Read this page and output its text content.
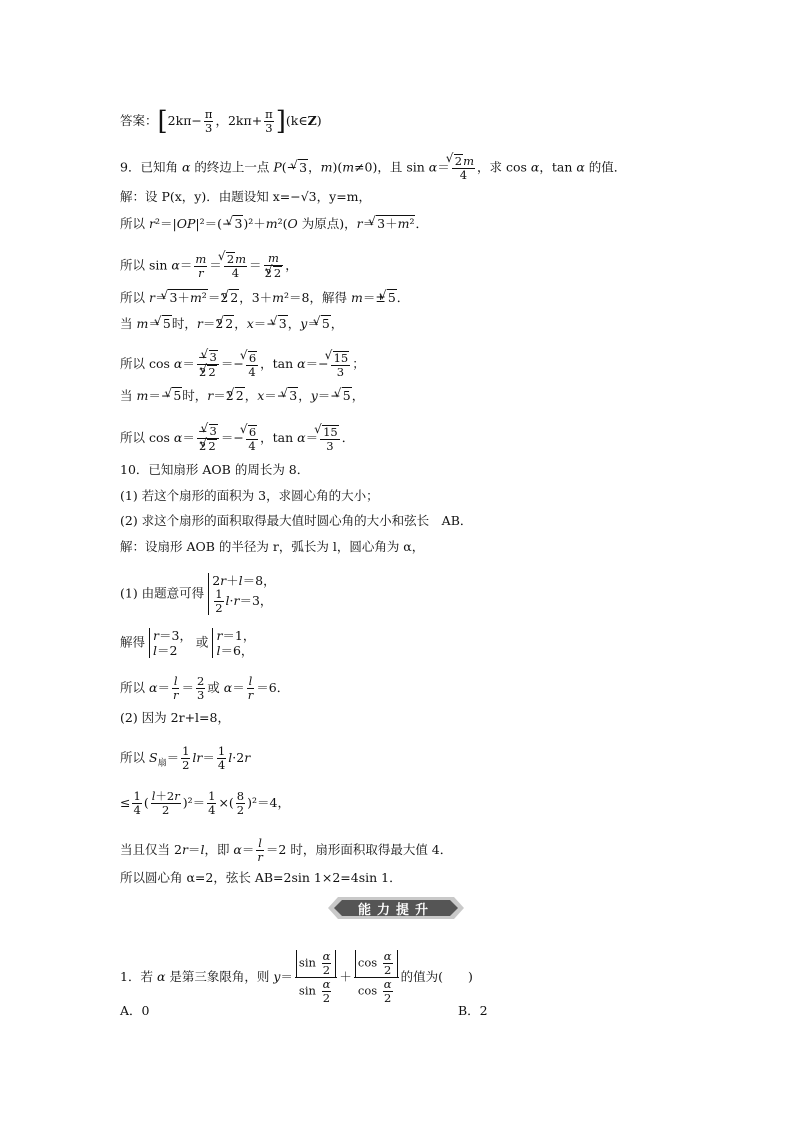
答案：[$2k\pi- \frac{\pi}{3}$ ，$2k\pi+ \frac{\pi}{3}$ ](k∈Z)
9．已知角 α 的终边上一点 P(− √ 3，m)(m≠0)，且 sin α＝ √ $\frac{2m}{4}$ ，求 cos α，tan α 的值．
解：设 P(x，y)．由题设知 x=−√3，y=m，
所以 r²＝|OP|²＝(− √ 3)²＋m²(O 为原点)，r＝ √ 3＋m²．
所以 $\sin \alpha= \frac{m}{r}$ ＝ √ $\frac{2m}{4} = \frac{m}{2 √ 2}$ ，
所以 r＝ √ 3＋m²＝2 √ 2，3＋m²＝8，解得 m＝± √ 5．
当 m＝ √ 5时，r＝2 √ 2，x＝− √ 3，y＝ √ 5，
所以 $\cos \alpha= \frac{- √ 3}{2 √ 2}$ ＝− √ $\frac{6}{4}$ ，tan α＝− √ $\frac{15}{3}$ ；
当 m＝− √ 5时，r＝2 √ 2，x＝− √ 3，y＝− √ 5，
所以 $\cos \alpha= \frac{- √ 3}{2 √ 2}$ ＝− √ $\frac{6}{4}$ ，tan α＝ √ $\frac{15}{3}$ ．
10．已知扇形 AOB 的周长为 8．
(1) 若这个扇形的面积为 3，求圆心角的大小；
(2) 求这个扇形的面积取得最大值时圆心角的大小和弦长　AB．
解：设扇形 AOB 的半径为 r，弧长为 l，圆心角为 α，
(1) 由题意可得
2r＋l＝8，
$\frac{1}{2} l\cdot r=3$，
解得 r＝3，
l＝2
或 r＝1，
l＝6，
所以 $\alpha= \frac{l}{r} = \frac{2}{3}$ 或 $\alpha= \frac{l}{r} =6$．
(2) 因为 2r+l=8，
所以 $S_扇= \frac{1}{2} lr= \frac{1}{4} l\cdot 2r$
≤ $\frac{1}{4}$ ( $\frac{l+2r}{2} )^2= \frac{1}{4}$ ×( $\frac{8}{2} )^2=4$，
当且仅当 2r＝l，即 $\alpha= \frac{l}{r} =2$ 时，扇形面积取得最大值 4．
所以圆心角 α=2，弦长 AB=2sin 1×2=4sin 1．
能力提升
1．若 α 是第三象限角，则 $y= \frac{\sin \frac{\alpha}{2}}{\sin \frac{\alpha}{2}} + \frac{\cos \frac{\alpha}{2}}{\cos \frac{\alpha}{2}}$ 的值为(　　)
A．0	B．2
